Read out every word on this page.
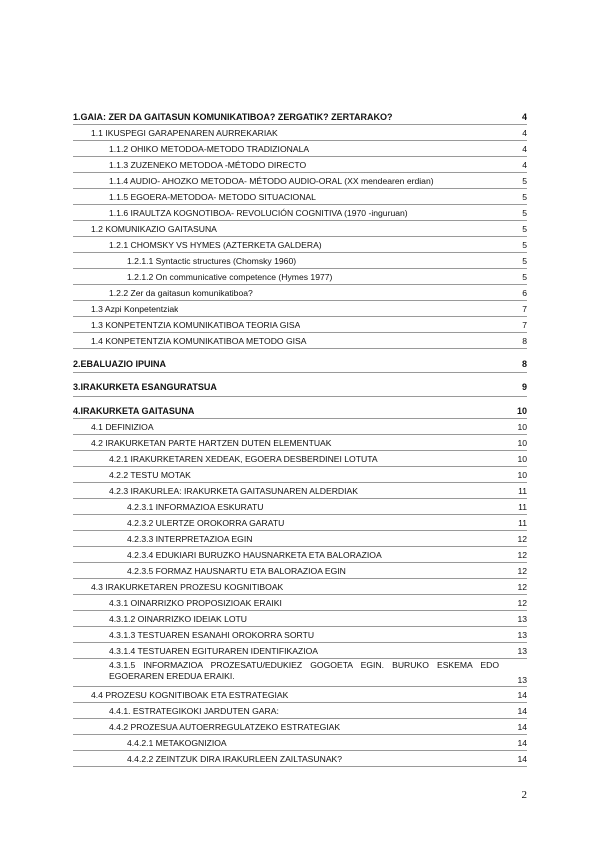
1.GAIA: ZER DA GAITASUN KOMUNIKATIBOA? ZERGATIK? ZERTARAKO?	4
1.1 IKUSPEGI GARAPENAREN AURREKARIAK	4
1.1.2 OHIKO METODOA-METODO TRADIZIONALA	4
1.1.3 ZUZENEKO METODOA -MÉTODO DIRECTO	4
1.1.4 AUDIO- AHOZKO METODOA- MÉTODO AUDIO-ORAL (XX mendearen erdian)	5
1.1.5 EGOERA-METODOA- METODO SITUACIONAL	5
1.1.6 IRAULTZA KOGNOTIBOA- REVOLUCIÓN COGNITIVA (1970 -inguruan)	5
1.2 KOMUNIKAZIO GAITASUNA	5
1.2.1 CHOMSKY VS HYMES (AZTERKETA GALDERA)	5
1.2.1.1 Syntactic structures (Chomsky 1960)	5
1.2.1.2 On communicative competence (Hymes 1977)	5
1.2.2 Zer da gaitasun komunikatiboa?	6
1.3 Azpi Konpetentziak	7
1.3 KONPETENTZIA KOMUNIKATIBOA TEORIA GISA	7
1.4 KONPETENTZIA KOMUNIKATIBOA METODO GISA	8
2.EBALUAZIO IPUINA	8
3.IRAKURKETA ESANGURATSUA	9
4.IRAKURKETA GAITASUNA	10
4.1 DEFINIZIOA	10
4.2 IRAKURKETAN PARTE HARTZEN DUTEN ELEMENTUAK	10
4.2.1 IRAKURKETAREN XEDEAK, EGOERA DESBERDINEI LOTUTA	10
4.2.2 TESTU MOTAK	10
4.2.3 IRAKURLEA: IRAKURKETA GAITASUNAREN ALDERDIAK	11
4.2.3.1 INFORMAZIOA ESKURATU	11
4.2.3.2 ULERTZE OROKORRA GARATU	11
4.2.3.3 INTERPRETAZIOA EGIN	12
4.2.3.4 EDUKIARI BURUZKO HAUSNARKETA ETA BALORAZIOA	12
4.2.3.5 FORMAZ HAUSNARTU ETA BALORAZIOA EGIN	12
4.3 IRAKURKETAREN PROZESU KOGNITIBOAK	12
4.3.1 OINARRIZKO PROPOSIZIOAK ERAIKI	12
4.3.1.2 OINARRIZKO IDEIAK LOTU	13
4.3.1.3 TESTUAREN ESANAHI OROKORRA SORTU	13
4.3.1.4 TESTUAREN EGITURAREN IDENTIFIKAZIOA	13
4.3.1.5 INFORMAZIOA PROZESATU/EDUKIEZ GOGOETA EGIN. BURUKO ESKEMA EDO EGOERAREN EREDUA ERAIKI.	13
4.4 PROZESU KOGNITIBOAK ETA ESTRATEGIAK	14
4.4.1. ESTRATEGIKOKI JARDUTEN GARA:	14
4.4.2 PROZESUA AUTOERREGULATZEKO ESTRATEGIAK	14
4.4.2.1 METAKOGNIZIOA	14
4.4.2.2 ZEINTZUK DIRA IRAKURLEEN ZAILTASUNAK?	14
2
